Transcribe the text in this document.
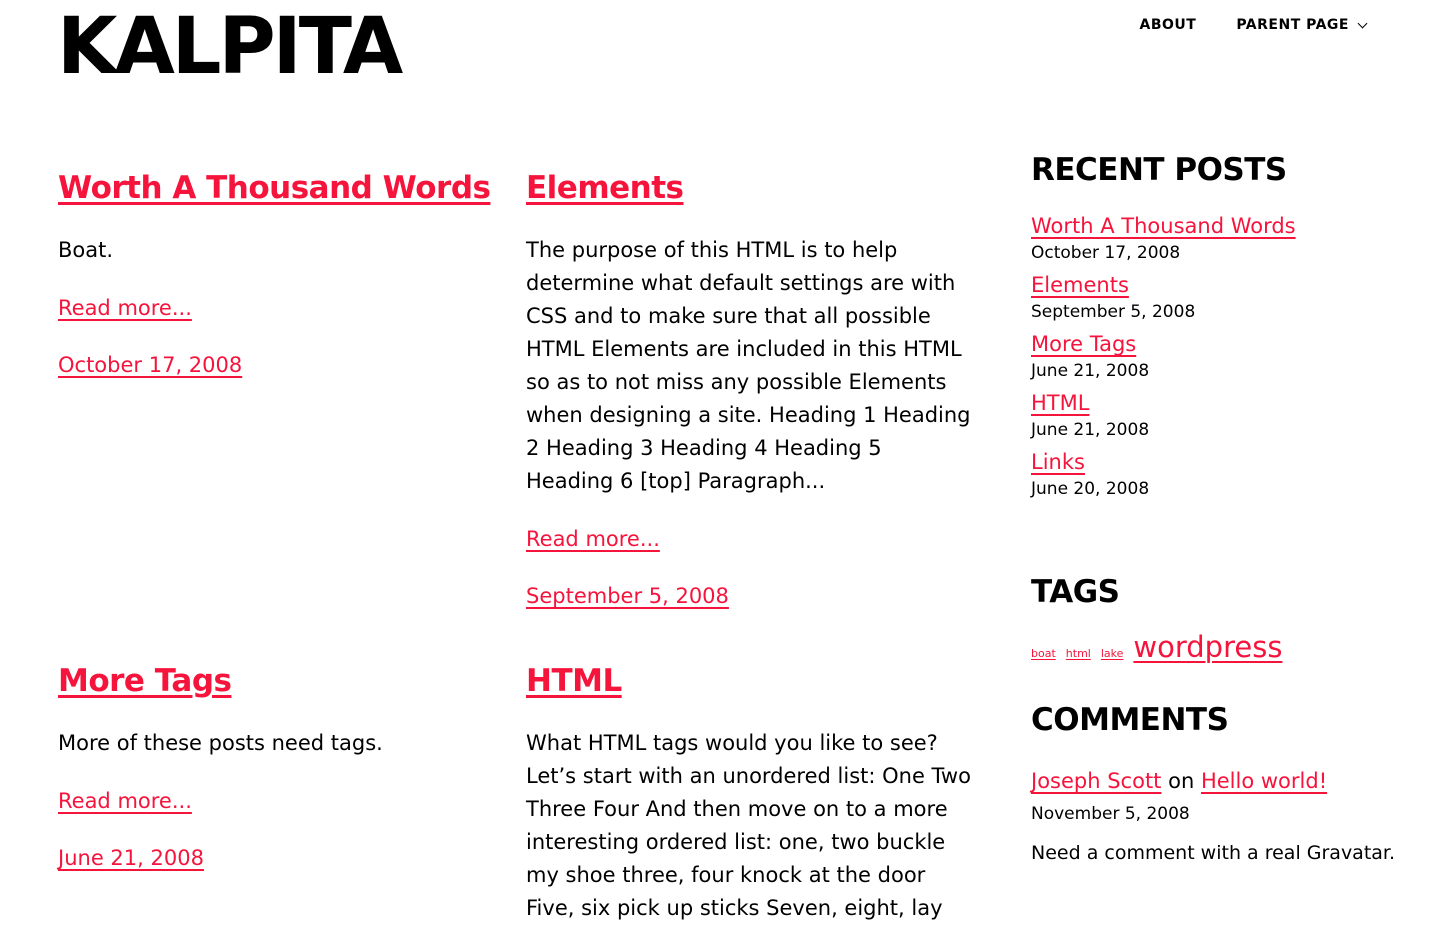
KALPITA	ABOUT	PARENT PAGE
Worth A Thousand Words

Boat.

Read more...
October 17, 2008
Elements

The purpose of this HTML is to help determine what default settings are with CSS and to make sure that all possible HTML Elements are included in this HTML so as to not miss any possible Elements when designing a site. Heading 1 Heading 2 Heading 3 Heading 4 Heading 5 Heading 6 [top] Paragraph...

Read more...
September 5, 2008
More Tags

More of these posts need tags.

Read more...
June 21, 2008
HTML

What HTML tags would you like to see? Let’s start with an unordered list: One Two Three Four And then move on to a more interesting ordered list: one, two buckle my shoe three, four knock at the door Five, six pick up sticks Seven, eight, lay

RECENT POSTS
Worth A Thousand Words
October 17, 2008
Elements
September 5, 2008
More Tags
June 21, 2008
HTML
June 21, 2008
Links
June 20, 2008
TAGS
boat html lake wordpress
COMMENTS
Joseph Scott on Hello world!
November 5, 2008
Need a comment with a real Gravatar.
